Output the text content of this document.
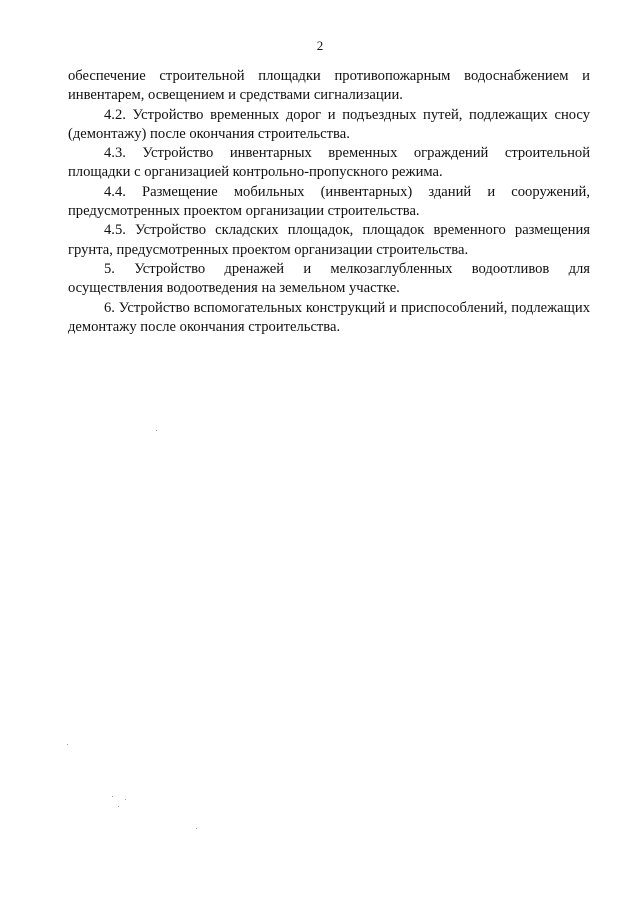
2

обеспечение строительной площадки противопожарным водоснабжением и инвентарем, освещением и средствами сигнализации.

4.2. Устройство временных дорог и подъездных путей, подлежащих сносу (демонтажу) после окончания строительства.

4.3. Устройство инвентарных временных ограждений строительной площадки с организацией контрольно-пропускного режима.

4.4. Размещение мобильных (инвентарных) зданий и сооружений, предусмотренных проектом организации строительства.

4.5. Устройство складских площадок, площадок временного размещения грунта, предусмотренных проектом организации строительства.

5. Устройство дренажей и мелкозаглубленных водоотливов для осуществления водоотведения на земельном участке.

6. Устройство вспомогательных конструкций и приспособлений, подлежащих демонтажу после окончания строительства.
